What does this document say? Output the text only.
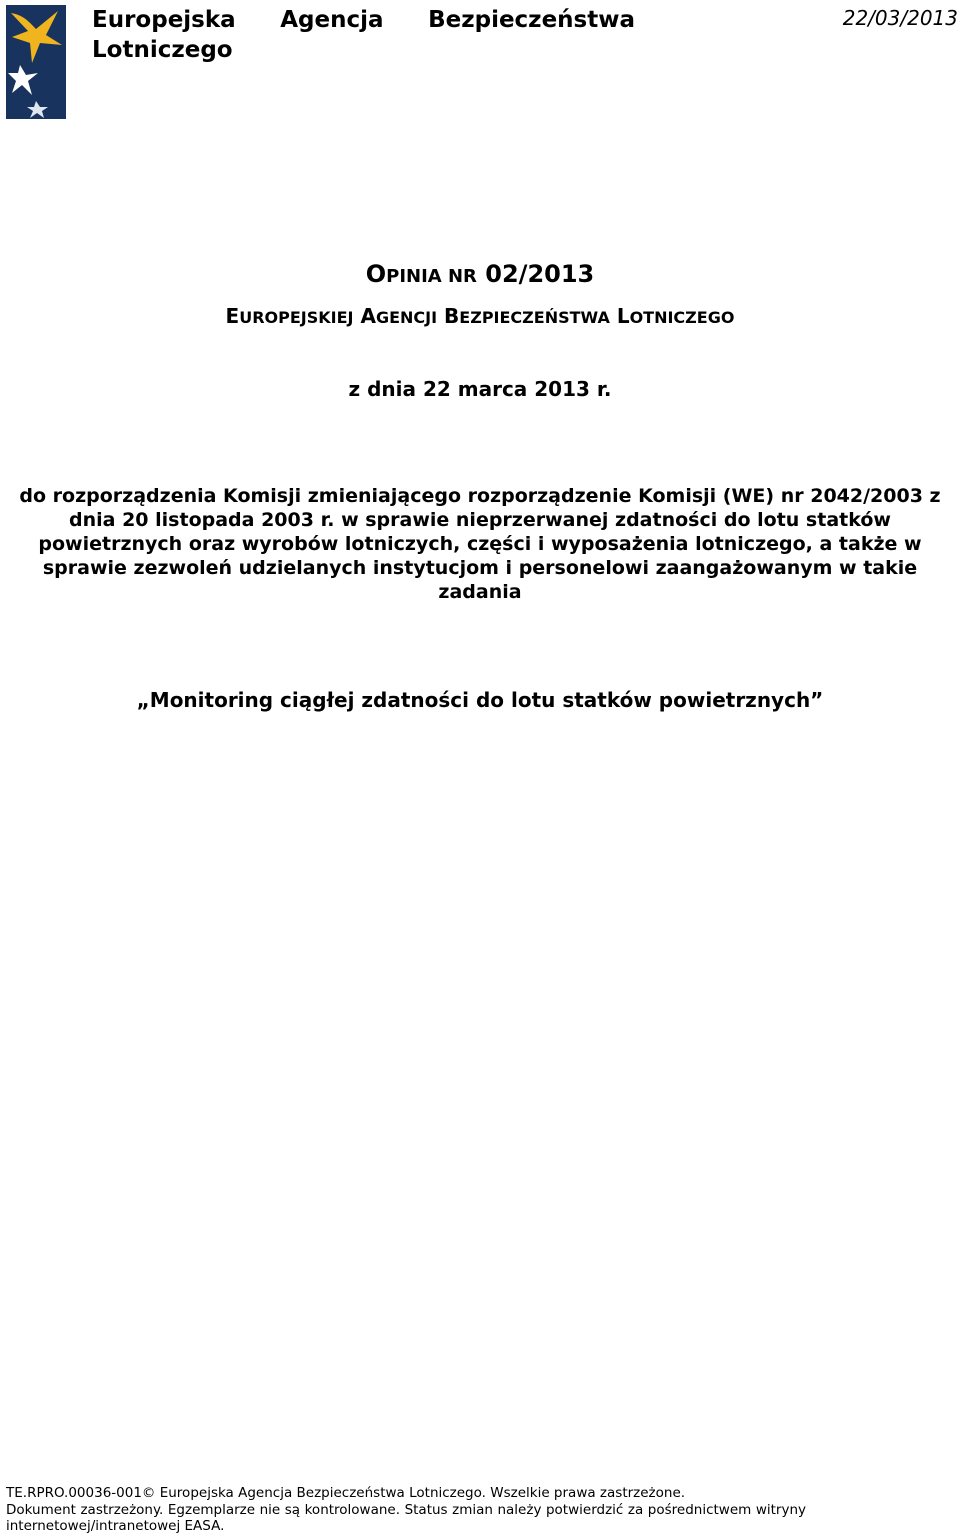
Europejska Agencja Bezpieczeństwa Lotniczego
22/03/2013
OPINIA NR 02/2013
EUROPEJSKIEJ AGENCJI BEZPIECZEŃSTWA LOTNICZEGO
z dnia 22 marca 2013 r.
do rozporządzenia Komisji zmieniającego rozporządzenie Komisji (WE) nr 2042/2003 z dnia 20 listopada 2003 r. w sprawie nieprzerwanej zdatności do lotu statków powietrznych oraz wyrobów lotniczych, części i wyposażenia lotniczego, a także w sprawie zezwoleń udzielanych instytucjom i personelowi zaangażowanym w takie zadania
„Monitoring ciągłej zdatności do lotu statków powietrznych”
TE.RPRO.00036-001© Europejska Agencja Bezpieczeństwa Lotniczego. Wszelkie prawa zastrzeżone.
Dokument zastrzeżony. Egzemplarze nie są kontrolowane. Status zmian należy potwierdzić za pośrednictwem witryny internetowej/intranetowej EASA.
